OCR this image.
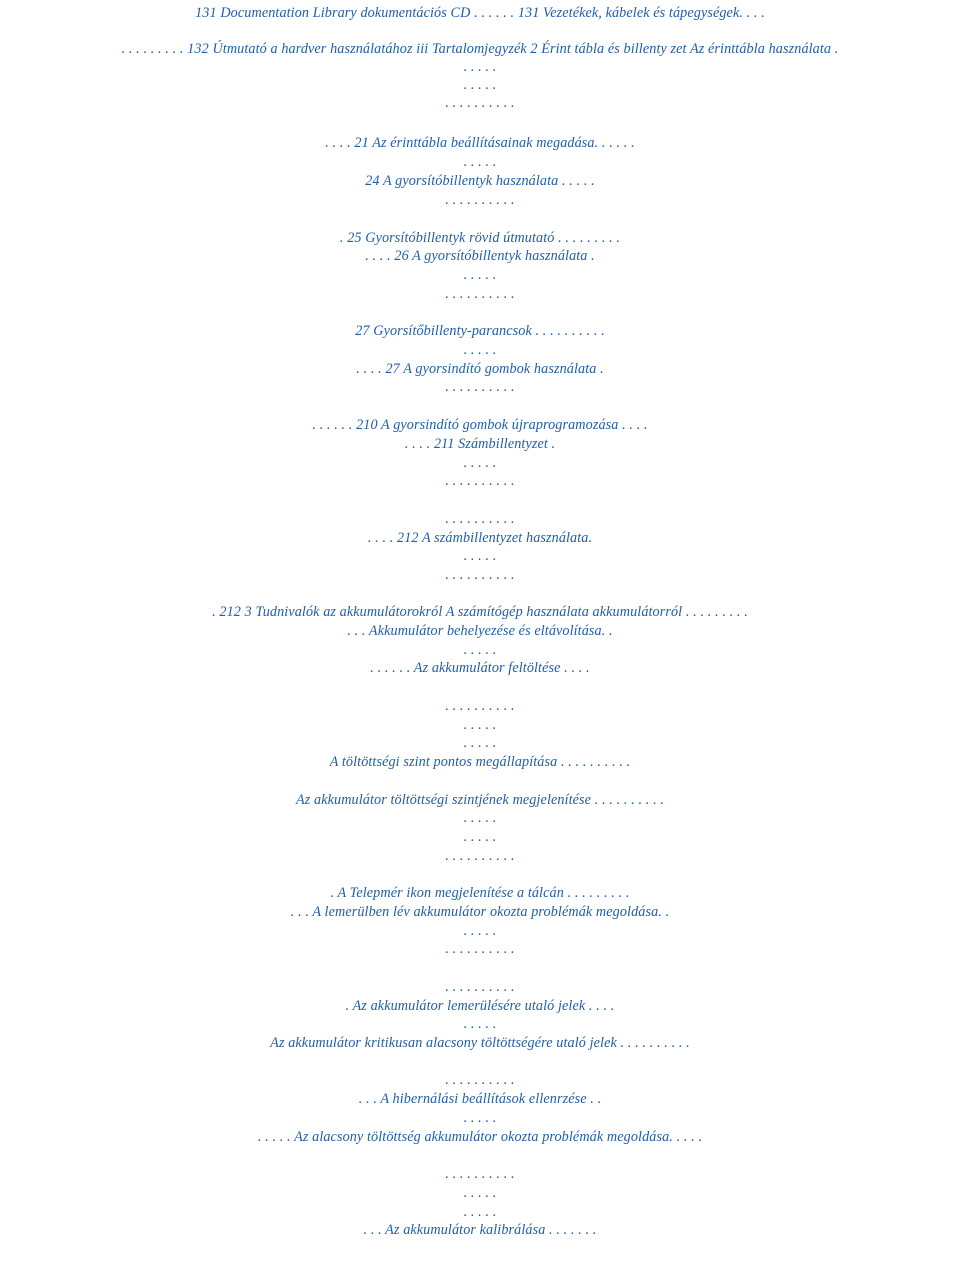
131 Documentation Library dokumentációs CD . . . . . . 131 Vezetékek, kábelek és tápegységek. . . .
. . . . . . . . . 132 Útmutató a hardver használatához iii Tartalomjegyzék 2 Érint tábla és billenty zet Az érinttábla használata .
. . . . .
. . . . .
. . . . . . . . . .
. . . . 21 Az érinttábla beállításainak megadása. . . . . .
. . . . .
24 A gyorsítóbillentyk használata . . . . .
. . . . . . . . . .
. 25 Gyorsítóbillentyk rövid útmutató . . . . . . . . .
. . . . 26 A gyorsítóbillentyk használata .
. . . . .
. . . . . . . . . .
27 Gyorsítőbillenty-parancsok . . . . . . . . . .
. . . . .
. . . . 27 A gyorsindító gombok használata .
. . . . . . . . . .
. . . . . . 210 A gyorsindító gombok újraprogramozása . . . .
. . . . 211 Számbillentyzet .
. . . . .
. . . . . . . . . .
. . . . . . . . . .
. . . . 212 A számbillentyzet használata.
. . . . .
. . . . . . . . . .
. 212 3 Tudnivalók az akkumulátorokról A számítógép használata akkumulátorról . . . . . . . . .
. . . Akkumulátor behelyezése és eltávolítása. .
. . . . .
. . . . . . Az akkumulátor feltöltése . . . .
. . . . . . . . . .
. . . . .
. . . . .
A töltöttségi szint pontos megállapítása . . . . . . . . . .
Az akkumulátor töltöttségi szintjének megjelenítése . . . . . . . . . .
. . . . .
. . . . .
. . . . . . . . . .
. A Telepmér ikon megjelenítése a tálcán . . . . . . . . .
. . . A lemerülben lév akkumulátor okozta problémák megoldása. .
. . . . .
. . . . . . . . . .
. . . . . . . . . .
. Az akkumulátor lemerülésére utaló jelek . . . .
. . . . .
Az akkumulátor kritikusan alacsony töltöttségére utaló jelek . . . . . . . . . .
. . . . . . . . . .
. . . A hibernálási beállítások ellenrzése . .
. . . . .
. . . . . Az alacsony töltöttség akkumulátor okozta problémák megoldása. . . . .
. . . . . . . . . .
. . . . .
. . . . .
. . . Az akkumulátor kalibrálása . . . . . . .
